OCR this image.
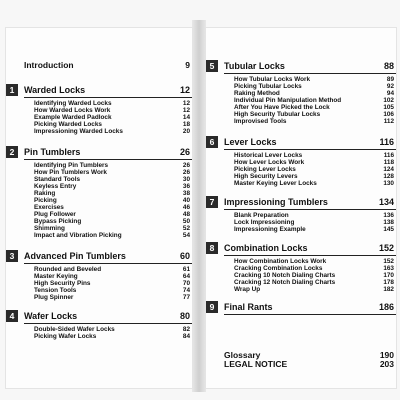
Introduction	9
1	Warded Locks	12
Identifying Warded Locks	12
How Warded Locks Work	12
Example Warded Padlock	14
Picking Warded Locks	18
Impressioning Warded Locks	20
2	Pin Tumblers	26
Identifying Pin Tumblers	26
How Pin Tumblers Work	26
Standard Tools	30
Keyless Entry	36
Raking	38
Picking	40
Exercises	46
Plug Follower	48
Bypass Picking	50
Shimming	52
Impact and Vibration Picking	54
3	Advanced Pin Tumblers	60
Rounded and Beveled	61
Master Keying	64
High Security Pins	70
Tension Tools	74
Plug Spinner	77
4	Wafer Locks	80
Double-Sided Wafer Locks	82
Picking Wafer Locks	84
5	Tubular Locks	88
How Tubular Locks Work	89
Picking Tubular Locks	92
Raking Method	94
Individual Pin Manipulation Method	102
After You Have Picked the Lock	105
High Security Tubular Locks	106
Improvised Tools	112
6	Lever Locks	116
Historical Lever Locks	116
How Lever Locks Work	118
Picking Lever Locks	124
High Security Levers	128
Master Keying Lever Locks	130
7	Impressioning Tumblers	134
Blank Preparation	136
Lock Impressioning	138
Impressioning Example	145
8	Combination Locks	152
How Combination Locks Work	152
Cracking Combination Locks	163
Cracking 10 Notch Dialing Charts	170
Cracking 12 Notch Dialing Charts	178
Wrap Up	182
9	Final Rants	186
Glossary	190
LEGAL NOTICE	203
